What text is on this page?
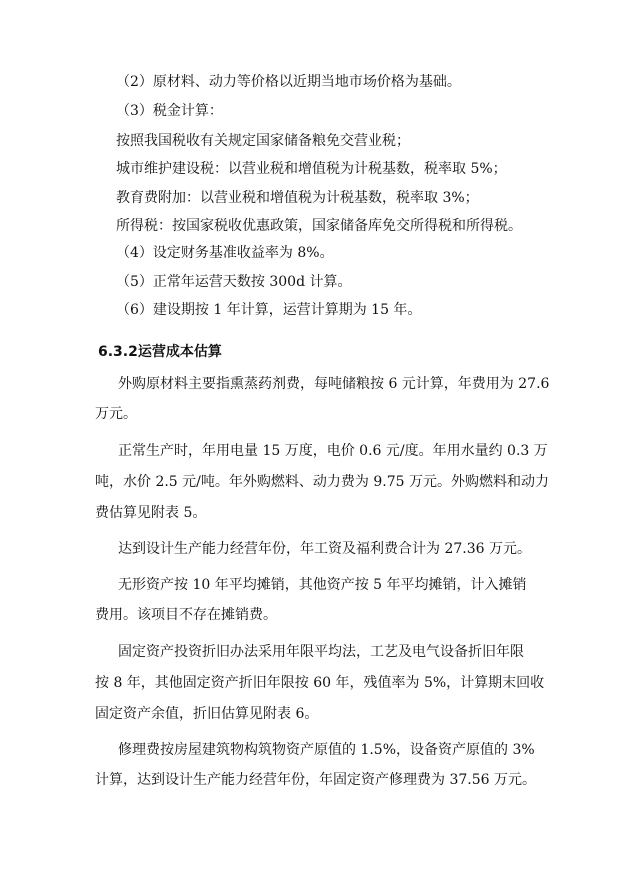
（2）原材料、动力等价格以近期当地市场价格为基础。
（3）税金计算：
按照我国税收有关规定国家储备粮免交营业税；
城市维护建设税：以营业税和增值税为计税基数，税率取 5%；
教育费附加：以营业税和增值税为计税基数，税率取 3%；
所得税：按国家税收优惠政策，国家储备库免交所得税和所得税。
（4）设定财务基准收益率为 8%。
（5）正常年运营天数按 300d 计算。
（6）建设期按 1 年计算，运营计算期为 15 年。
6.3.2运营成本估算
外购原材料主要指熏蒸药剂费，每吨储粮按 6 元计算，年费用为 27.6
万元。
正常生产时，年用电量 15 万度，电价 0.6 元/度。年用水量约 0.3 万
吨，水价 2.5 元/吨。年外购燃料、动力费为 9.75 万元。外购燃料和动力
费估算见附表 5。
达到设计生产能力经营年份，年工资及福利费合计为 27.36 万元。
无形资产按 10 年平均摊销，其他资产按 5 年平均摊销，计入摊销
费用。该项目不存在摊销费。
固定资产投资折旧办法采用年限平均法，工艺及电气设备折旧年限
按 8 年，其他固定资产折旧年限按 60 年，残值率为 5%，计算期末回收
固定资产余值，折旧估算见附表 6。
修理费按房屋建筑物构筑物资产原值的 1.5%，设备资产原值的 3%
计算，达到设计生产能力经营年份，年固定资产修理费为 37.56 万元。
